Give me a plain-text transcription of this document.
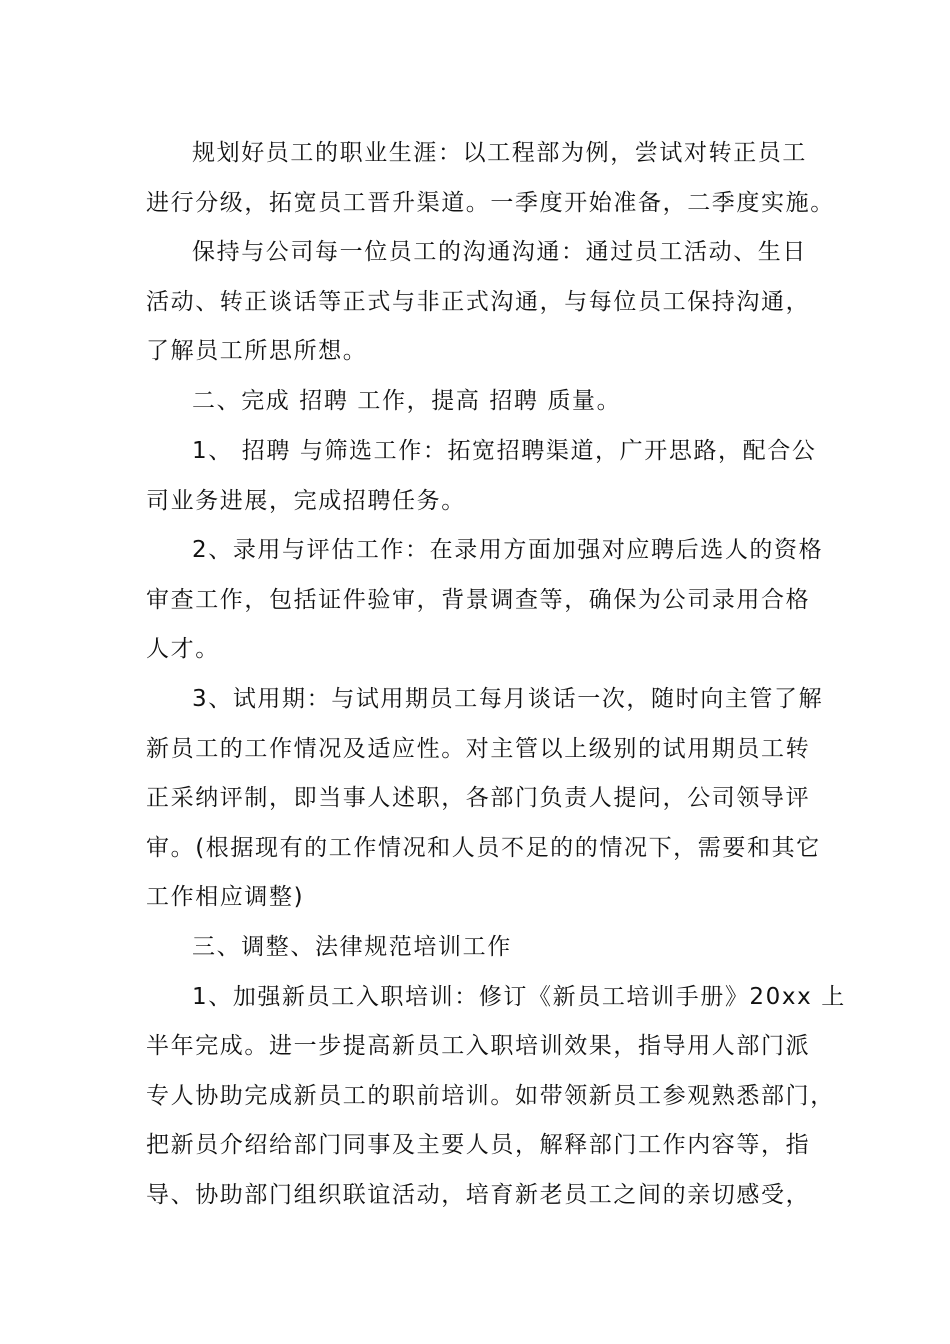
规划好员工的职业生涯：以工程部为例，尝试对转正员工
进行分级，拓宽员工晋升渠道。一季度开始准备，二季度实施。
保持与公司每一位员工的沟通沟通：通过员工活动、生日
活动、转正谈话等正式与非正式沟通，与每位员工保持沟通，
了解员工所思所想。
二、完成 招聘 工作，提高 招聘 质量。
1、 招聘 与筛选工作：拓宽招聘渠道，广开思路，配合公
司业务进展，完成招聘任务。
2、录用与评估工作：在录用方面加强对应聘后选人的资格
审查工作，包括证件验审，背景调查等，确保为公司录用合格
人才。
3、试用期：与试用期员工每月谈话一次，随时向主管了解
新员工的工作情况及适应性。对主管以上级别的试用期员工转
正采纳评制，即当事人述职，各部门负责人提问，公司领导评
审。(根据现有的工作情况和人员不足的的情况下，需要和其它
工作相应调整)
三、调整、法律规范培训工作
1、加强新员工入职培训：修订《新员工培训手册》20xx 上
半年完成。进一步提高新员工入职培训效果，指导用人部门派
专人协助完成新员工的职前培训。如带领新员工参观熟悉部门，
把新员介绍给部门同事及主要人员，解释部门工作内容等，指
导、协助部门组织联谊活动，培育新老员工之间的亲切感受，
